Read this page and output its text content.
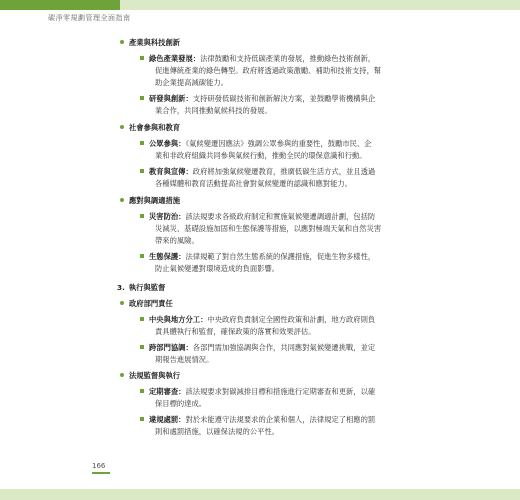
碳淨零規劃管理全面指南
產業與科技創新
綠色產業發展：法律鼓勵和支持低碳產業的發展，推動綠色技術創新，
促進傳統產業的綠色轉型。政府將透過政策激勵、補助和技術支持，幫
助企業提高減碳能力。
研發與創新：支持研發低碳技術和創新解決方案，並鼓勵學術機構與企
業合作，共同推動氣候科技的發展。
社會參與和教育
公眾參與：《氣候變遷因應法》強調公眾參與的重要性，鼓勵市民、企
業和非政府組織共同參與氣候行動，推動全民的環保意識和行動。
教育與宣傳：政府將加強氣候變遷教育，推廣低碳生活方式，並且透過
各種媒體和教育活動提高社會對氣候變遷的認識和應對能力。
應對與調適措施
災害防治：該法規要求各級政府制定和實施氣候變遷調適計劃，包括防
災減災、基礎設施加固和生態保護等措施，以應對極端天氣和自然災害
帶來的風險。
生態保護：法律規範了對自然生態系統的保護措施，促進生物多樣性，
防止氣候變遷對環境造成的負面影響。
3. 執行與監督
政府部門責任
中央與地方分工：中央政府負責制定全國性政策和計劃，地方政府則負
責具體執行和監督，確保政策的落實和效果評估。
跨部門協調：各部門需加強協調與合作，共同應對氣候變遷挑戰，並定
期報告進展情況。
法規監督與執行
定期審查：該法規要求對碳減排目標和措施進行定期審查和更新，以確
保目標的達成。
違規處罰：對於未能遵守法規要求的企業和個人，法律規定了相應的罰
則和處罰措施，以確保法規的公平性。
166
